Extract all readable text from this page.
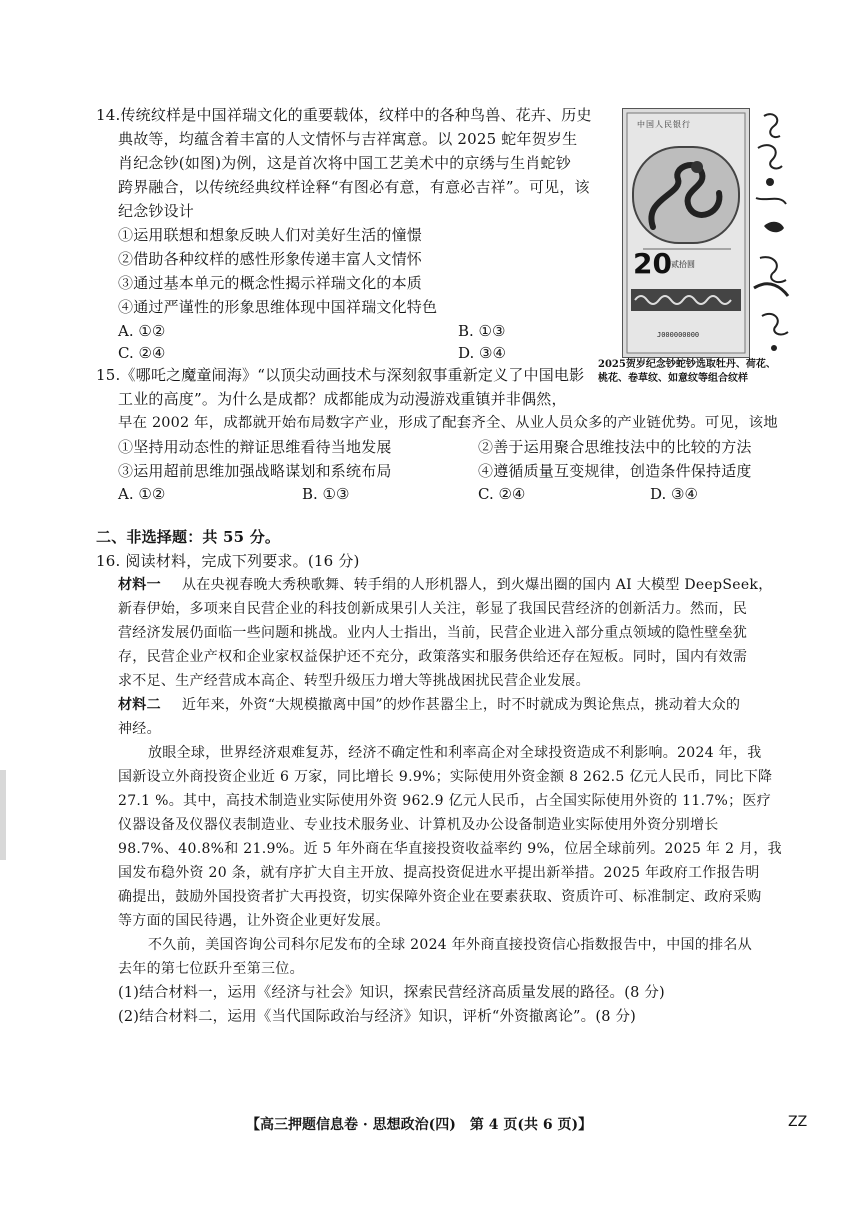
14.传统纹样是中国祥瑞文化的重要载体，纹样中的各种鸟兽、花卉、历史
典故等，均蕴含着丰富的人文情怀与吉祥寓意。以 2025 蛇年贺岁生
肖纪念钞(如图)为例，这是首次将中国工艺美术中的京绣与生肖蛇钞
跨界融合，以传统经典纹样诠释“有图必有意，有意必吉祥”。可见，该
纪念钞设计
①运用联想和想象反映人们对美好生活的憧憬
②借助各种纹样的感性形象传递丰富人文情怀
③通过基本单元的概念性揭示祥瑞文化的本质
④通过严谨性的形象思维体现中国祥瑞文化特色
A. ①②	B. ①③
C. ②④	D. ③④
中国人民银行
20 贰拾圆
J000000000
2025贺岁纪念钞蛇钞选取牡丹、荷花、
桃花、卷草纹、如意纹等组合纹样
15.《哪吒之魔童闹海》“以顶尖动画技术与深刻叙事重新定义了中国电影
工业的高度”。为什么是成都？成都能成为动漫游戏重镇并非偶然，
早在 2002 年，成都就开始布局数字产业，形成了配套齐全、从业人员众多的产业链优势。可见，该地
①坚持用动态性的辩证思维看待当地发展	②善于运用聚合思维技法中的比较的方法
③运用超前思维加强战略谋划和系统布局	④遵循质量互变规律，创造条件保持适度
A. ①②	B. ①③	C. ②④	D. ③④
二、非选择题：共 55 分。
16. 阅读材料，完成下列要求。(16 分)
材料一 从在央视春晚大秀秧歌舞、转手绢的人形机器人，到火爆出圈的国内 AI 大模型 DeepSeek，
新春伊始，多项来自民营企业的科技创新成果引人关注，彰显了我国民营经济的创新活力。然而，民
营经济发展仍面临一些问题和挑战。业内人士指出，当前，民营企业进入部分重点领域的隐性壁垒犹
存，民营企业产权和企业家权益保护还不充分，政策落实和服务供给还存在短板。同时，国内有效需
求不足、生产经营成本高企、转型升级压力增大等挑战困扰民营企业发展。
材料二 近年来，外资“大规模撤离中国”的炒作甚嚣尘上，时不时就成为舆论焦点，挑动着大众的
神经。
放眼全球，世界经济艰难复苏，经济不确定性和利率高企对全球投资造成不利影响。2024 年，我
国新设立外商投资企业近 6 万家，同比增长 9.9%；实际使用外资金额 8 262.5 亿元人民币，同比下降
27.1 %。其中，高技术制造业实际使用外资 962.9 亿元人民币，占全国实际使用外资的 11.7%；医疗
仪器设备及仪器仪表制造业、专业技术服务业、计算机及办公设备制造业实际使用外资分别增长
98.7%、40.8%和 21.9%。近 5 年外商在华直接投资收益率约 9%，位居全球前列。2025 年 2 月，我
国发布稳外资 20 条，就有序扩大自主开放、提高投资促进水平提出新举措。2025 年政府工作报告明
确提出，鼓励外国投资者扩大再投资，切实保障外资企业在要素获取、资质许可、标准制定、政府采购
等方面的国民待遇，让外资企业更好发展。
不久前，美国咨询公司科尔尼发布的全球 2024 年外商直接投资信心指数报告中，中国的排名从
去年的第七位跃升至第三位。
(1)结合材料一，运用《经济与社会》知识，探索民营经济高质量发展的路径。(8 分)
(2)结合材料二，运用《当代国际政治与经济》知识，评析“外资撤离论”。(8 分)
【高三押题信息卷 · 思想政治(四)　第 4 页(共 6 页)】	ZZ
